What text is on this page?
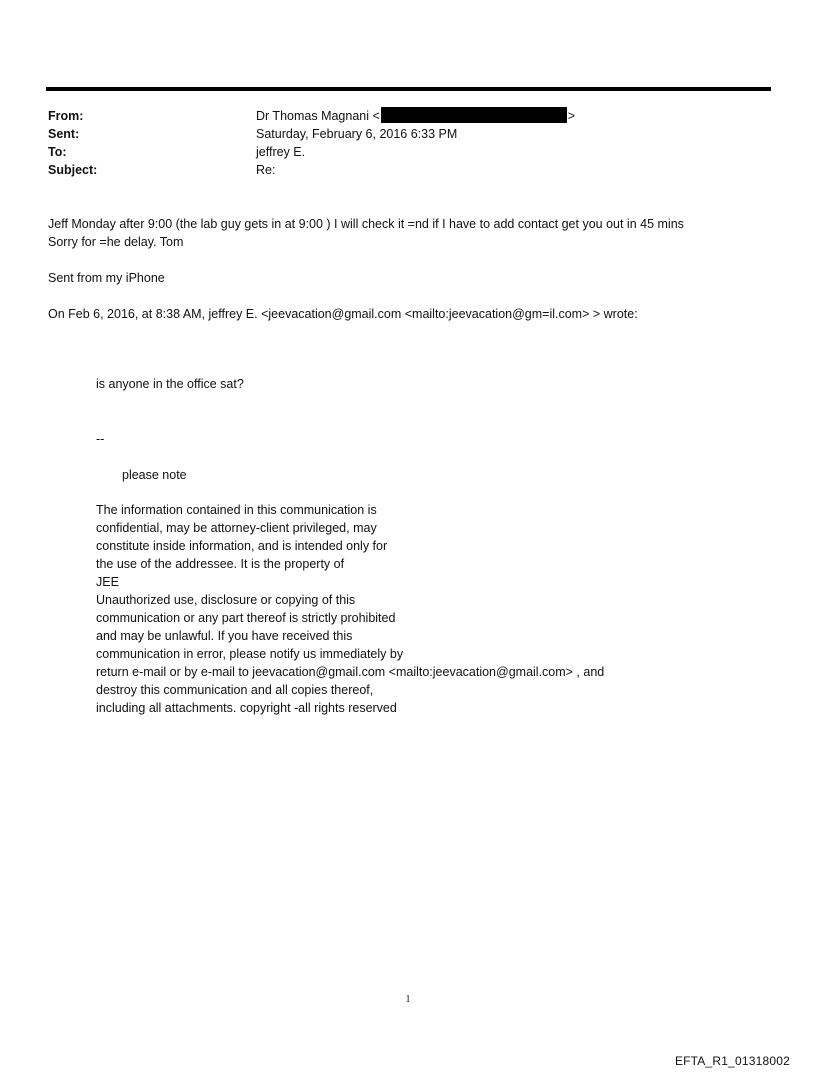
From:
Sent:
To:
Subject:
Dr Thomas Magnani <	>
Saturday, February 6, 2016 6:33 PM
jeffrey E.
Re:
Jeff Monday after 9:00 (the lab guy gets in at 9:00 ) I will check it =nd if I have to add contact get you out in 45 mins
Sorry for =he delay. Tom
Sent from my iPhone
On Feb 6, 2016, at 8:38 AM, jeffrey E. <jeevacation@gmail.com <mailto:jeevacation@gm=il.com> > wrote:
is anyone in the office sat?
--
please note
The information contained in this communication is
confidential, may be attorney-client privileged, may
constitute inside information, and is intended only for
the use of the addressee. It is the property of
JEE
Unauthorized use, disclosure or copying of this
communication or any part thereof is strictly prohibited
and may be unlawful. If you have received this
communication in error, please notify us immediately by
return e-mail or by e-mail to jeevacation@gmail.com <mailto:jeevacation@gmail.com> , and
destroy this communication and all copies thereof,
including all attachments. copyright -all rights reserved
1
EFTA_R1_01318002
